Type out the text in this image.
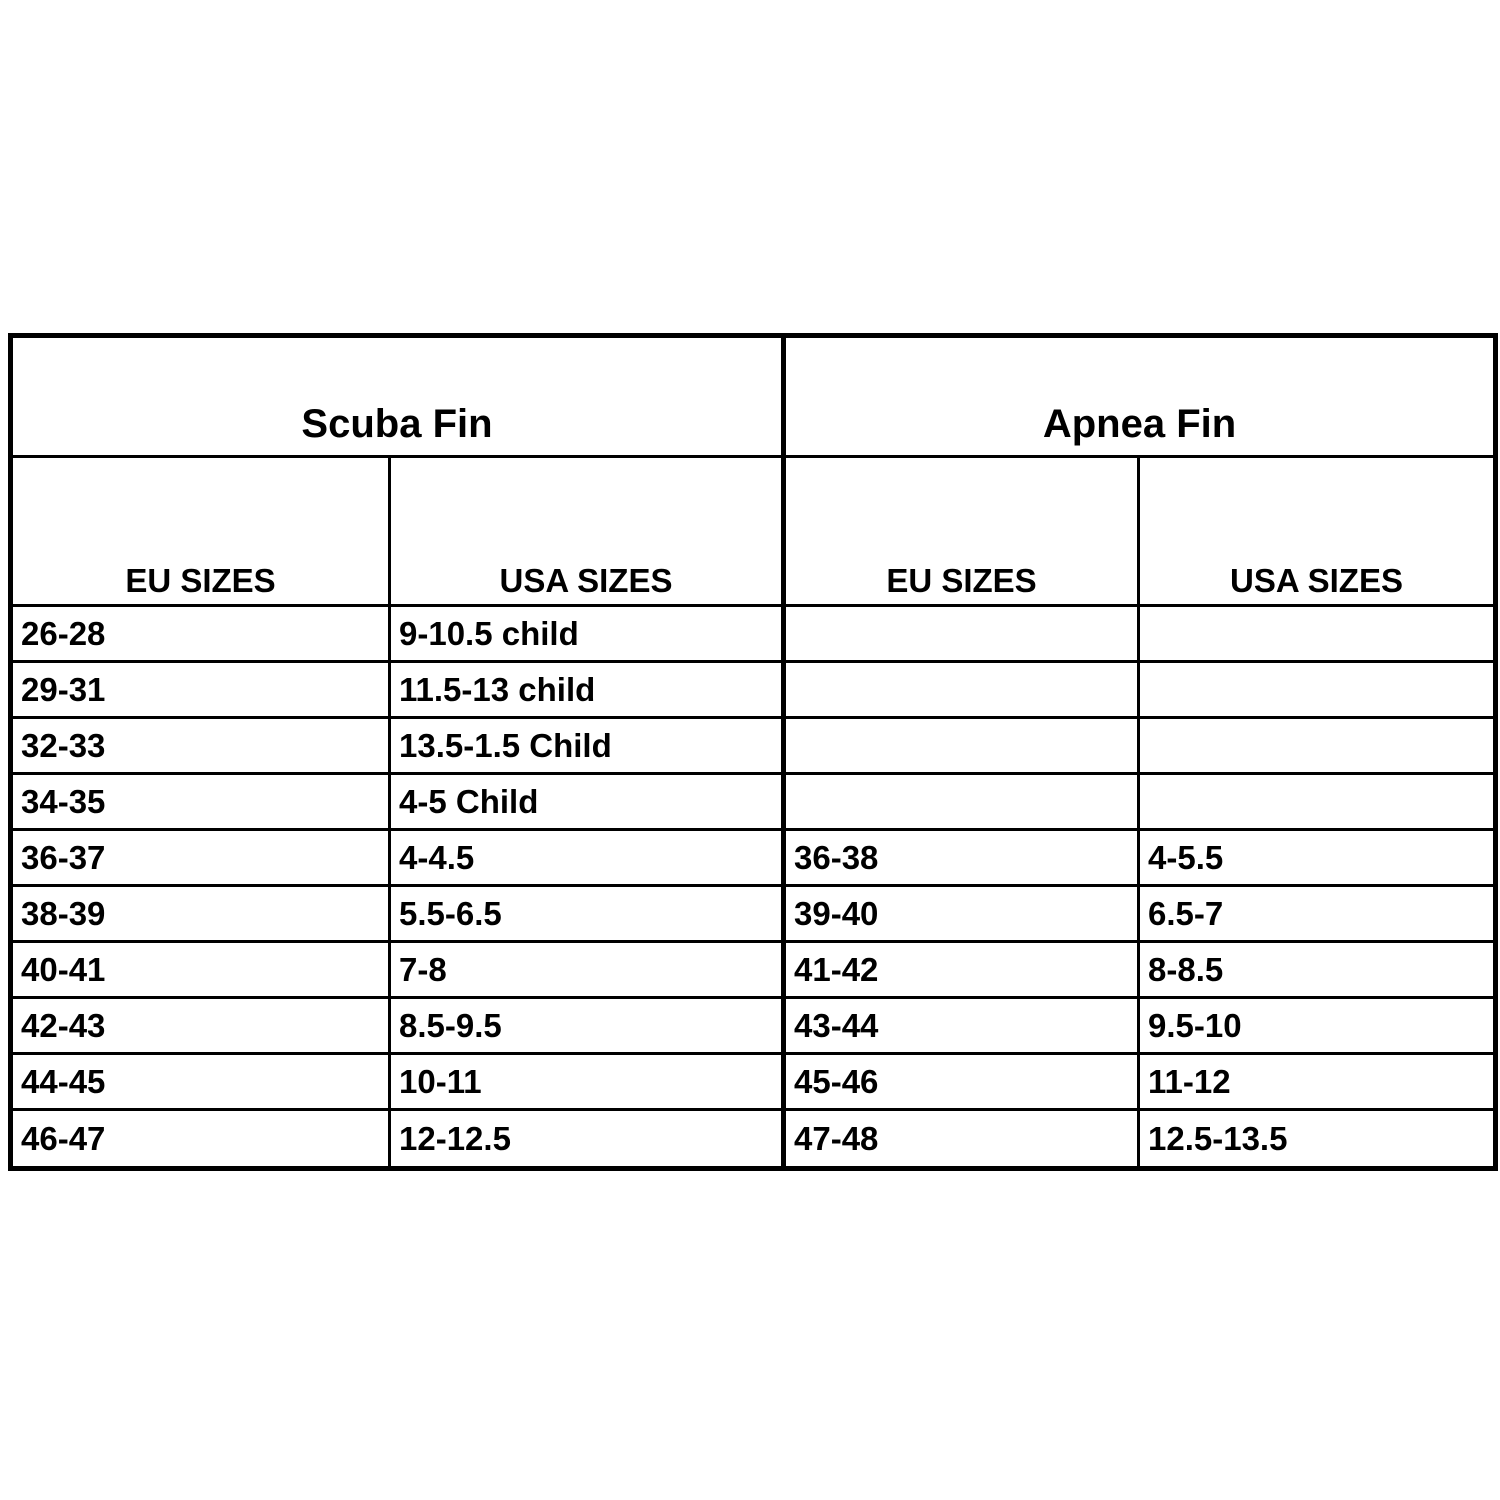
Scuba Fin
EU SIZES	USA SIZES
26-28	9-10.5 child
29-31	11.5-13 child
32-33	13.5-1.5 Child
34-35	4-5 Child
36-37	4-4.5
38-39	5.5-6.5
40-41	7-8
42-43	8.5-9.5
44-45	10-11
46-47	12-12.5
Apnea Fin
EU SIZES	USA SIZES
36-38	4-5.5
39-40	6.5-7
41-42	8-8.5
43-44	9.5-10
45-46	11-12
47-48	12.5-13.5
